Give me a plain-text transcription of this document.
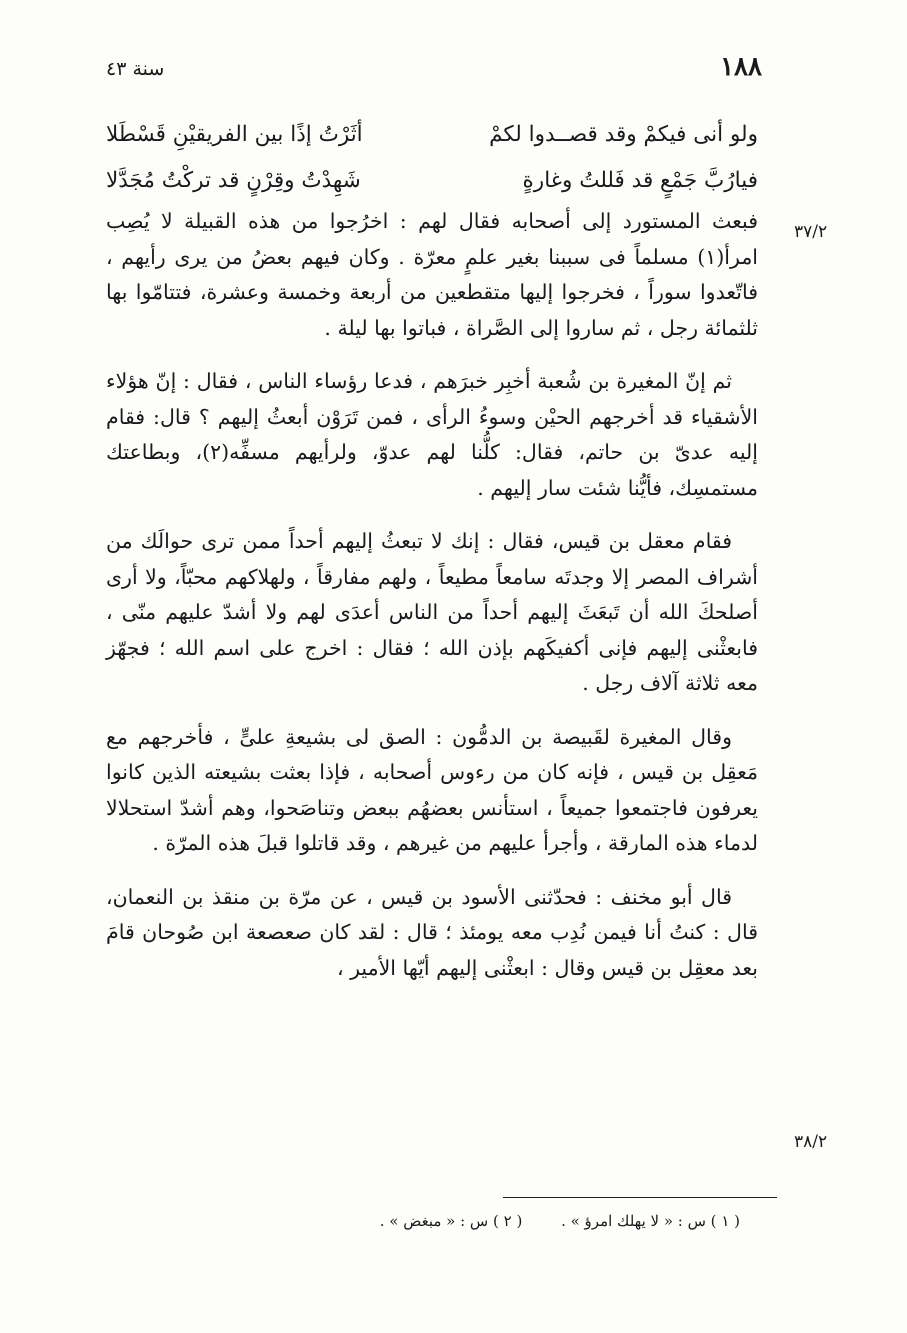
١٨٨
سنة ٤٣
ولو أنى فيكمْ وقد قصــدوا لكمْ
أثَرْتُ إذًا بين الفريقيْنِ قَسْطَلا
فيارُبَّ جَمْعٍ قد فَللتُ وغارةٍ
شَهِدْتُ وقِرْنٍ قد تركْتُ مُجَدَّلا

فبعث المستورد إلى أصحابه فقال لهم : اخرُجوا من هذه القبيلة لا يُصِب امرأ(١) مسلماً فى سببنا بغير علمٍ معرّة . وكان فيهم بعضُ من يرى رأيهم ، فاتّعدوا سوراً ، فخرجوا إليها متقطعين من أربعة وخمسة وعشرة، فتتامّوا بها ثلثمائة رجل ، ثم ساروا إلى الصَّراة ، فباتوا بها ليلة .

ثم إنّ المغيرة بن شُعبة أخبِر خبرَهم ، فدعا رؤساء الناس ، فقال : إنّ هؤلاء الأشقياء قد أخرجهم الحيْن وسوءُ الرأى ، فمن تَرَوْن أبعثُ إليهم ؟ قال: فقام إليه عدىّ بن حاتم، فقال: كلُّنا لهم عدوّ، ولرأيهم مسفِّه(٢)، وبطاعتك مستمسِك، فأيُّنا شئت سار إليهم .

فقام معقل بن قيس، فقال : إنك لا تبعثُ إليهم أحداً ممن ترى حوالَك من أشراف المصر إلا وجدتَه سامعاً مطيعاً ، ولهم مفارقاً ، ولهلاكهم محبّاً، ولا أرى أصلحكَ الله أن تَبعَثَ إليهم أحداً من الناس أعدَى لهم ولا أشدّ عليهم منّى ، فابعثْنى إليهم فإنى أكفيكَهم بإذن الله ؛ فقال : اخرج على اسم الله ؛ فجهّز معه ثلاثة آلاف رجل .

وقال المغيرة لقَبيصة بن الدمُّون : الصق لى بشيعةِ علىٍّ ، فأخرجهم مع مَعقِل بن قيس ، فإنه كان من رءوس أصحابه ، فإذا بعثت بشيعته الذين كانوا يعرفون فاجتمعوا جميعاً ، استأنس بعضهُم ببعض وتناصَحوا، وهم أشدّ استحلالا لدماء هذه المارقة ، وأجرأ عليهم من غيرهم ، وقد قاتلوا قبلَ هذه المرّة .

قال أبو مخنف : فحدّثنى الأسود بن قيس ، عن مرّة بن منقذ بن النعمان، قال : كنتُ أنا فيمن نُدِب معه يومئذ ؛ قال : لقد كان صعصعة ابن صُوحان قامَ بعد معقِل بن قيس وقال : ابعثْنى إليهم أيّها الأمير ،

٣٧/٢
٣٨/٢
( ١ ) س : « لا يهلك امرؤ » . ( ٢ ) س : « مبغض » .
